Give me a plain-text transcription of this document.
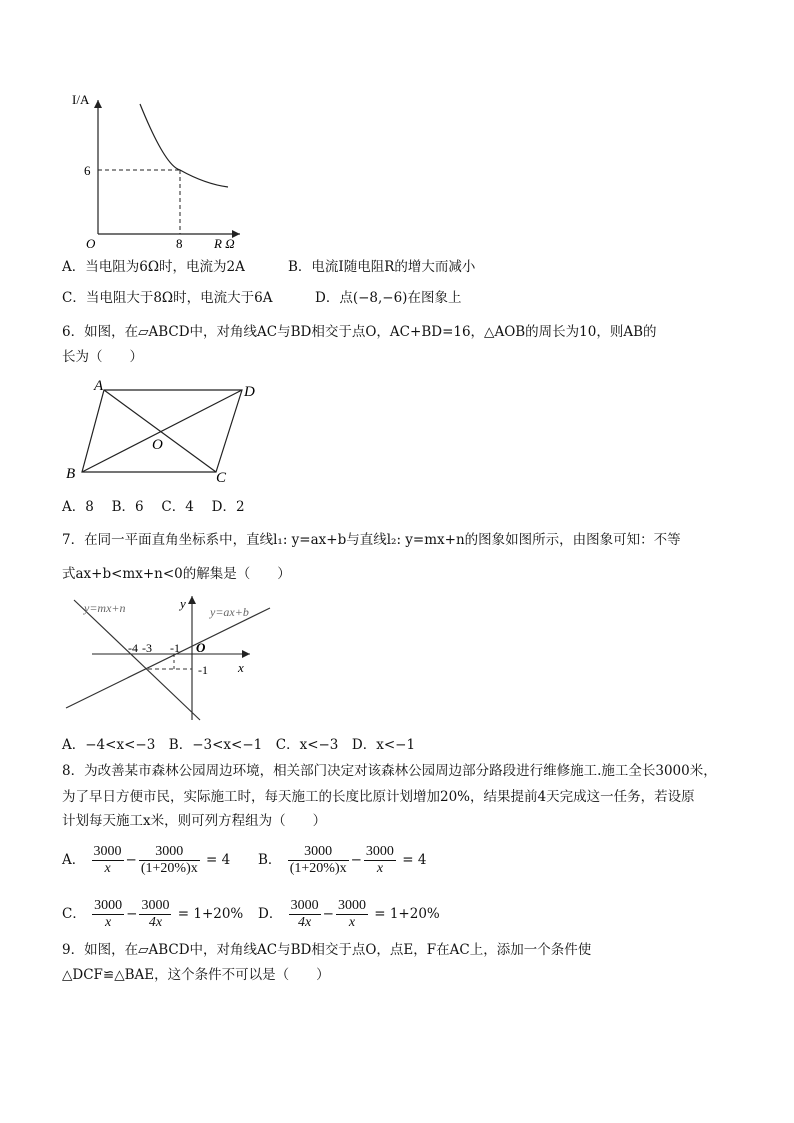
I/A
6
8
O	R Ω
A．当电阻为6Ω时，电流为2A	B．电流I随电阻R的增大而减小
C．当电阻大于8Ω时，电流大于6A	D．点(−8,−6)在图象上
6．如图，在▱ABCD中，对角线AC与BD相交于点O，AC+BD=16，△AOB的周长为10，则AB的
长为（　　）
A	D
B	C
O
A．8　 B．6　 C．4　 D．2
7．在同一平面直角坐标系中，直线l₁: y=ax+b与直线l₂: y=mx+n的图象如图所示，由图象可知：不等
式ax+b<mx+n<0的解集是（　　）
y=mx+n	y=ax+b
y
x
O
-4 -3 -1
-1
A．−4<x<−3　B．−3<x<−1　C．x<−3　D．x<−1
8．为改善某市森林公园周边环境，相关部门决定对该森林公园周边部分路段进行维修施工.施工全长3000米，
为了早日方便市民，实际施工时，每天施工的长度比原计划增加20%，结果提前4天完成这一任务，若设原
计划每天施工x米，则可列方程组为（　　）
A． $\frac{3000}{x} - \frac{3000}{(1+20\%)x} = 4$ B． $\frac{3000}{(1+20\%)x} - \frac{3000}{x} = 4$
C． $\frac{3000}{x} - \frac{3000}{4x} = 1+20\%$ D． $\frac{3000}{4x} - \frac{3000}{x} = 1+20\%$
9．如图，在▱ABCD中，对角线AC与BD相交于点O，点E，F在AC上，添加一个条件使
△DCF≌△BAE，这个条件不可以是（　　）
